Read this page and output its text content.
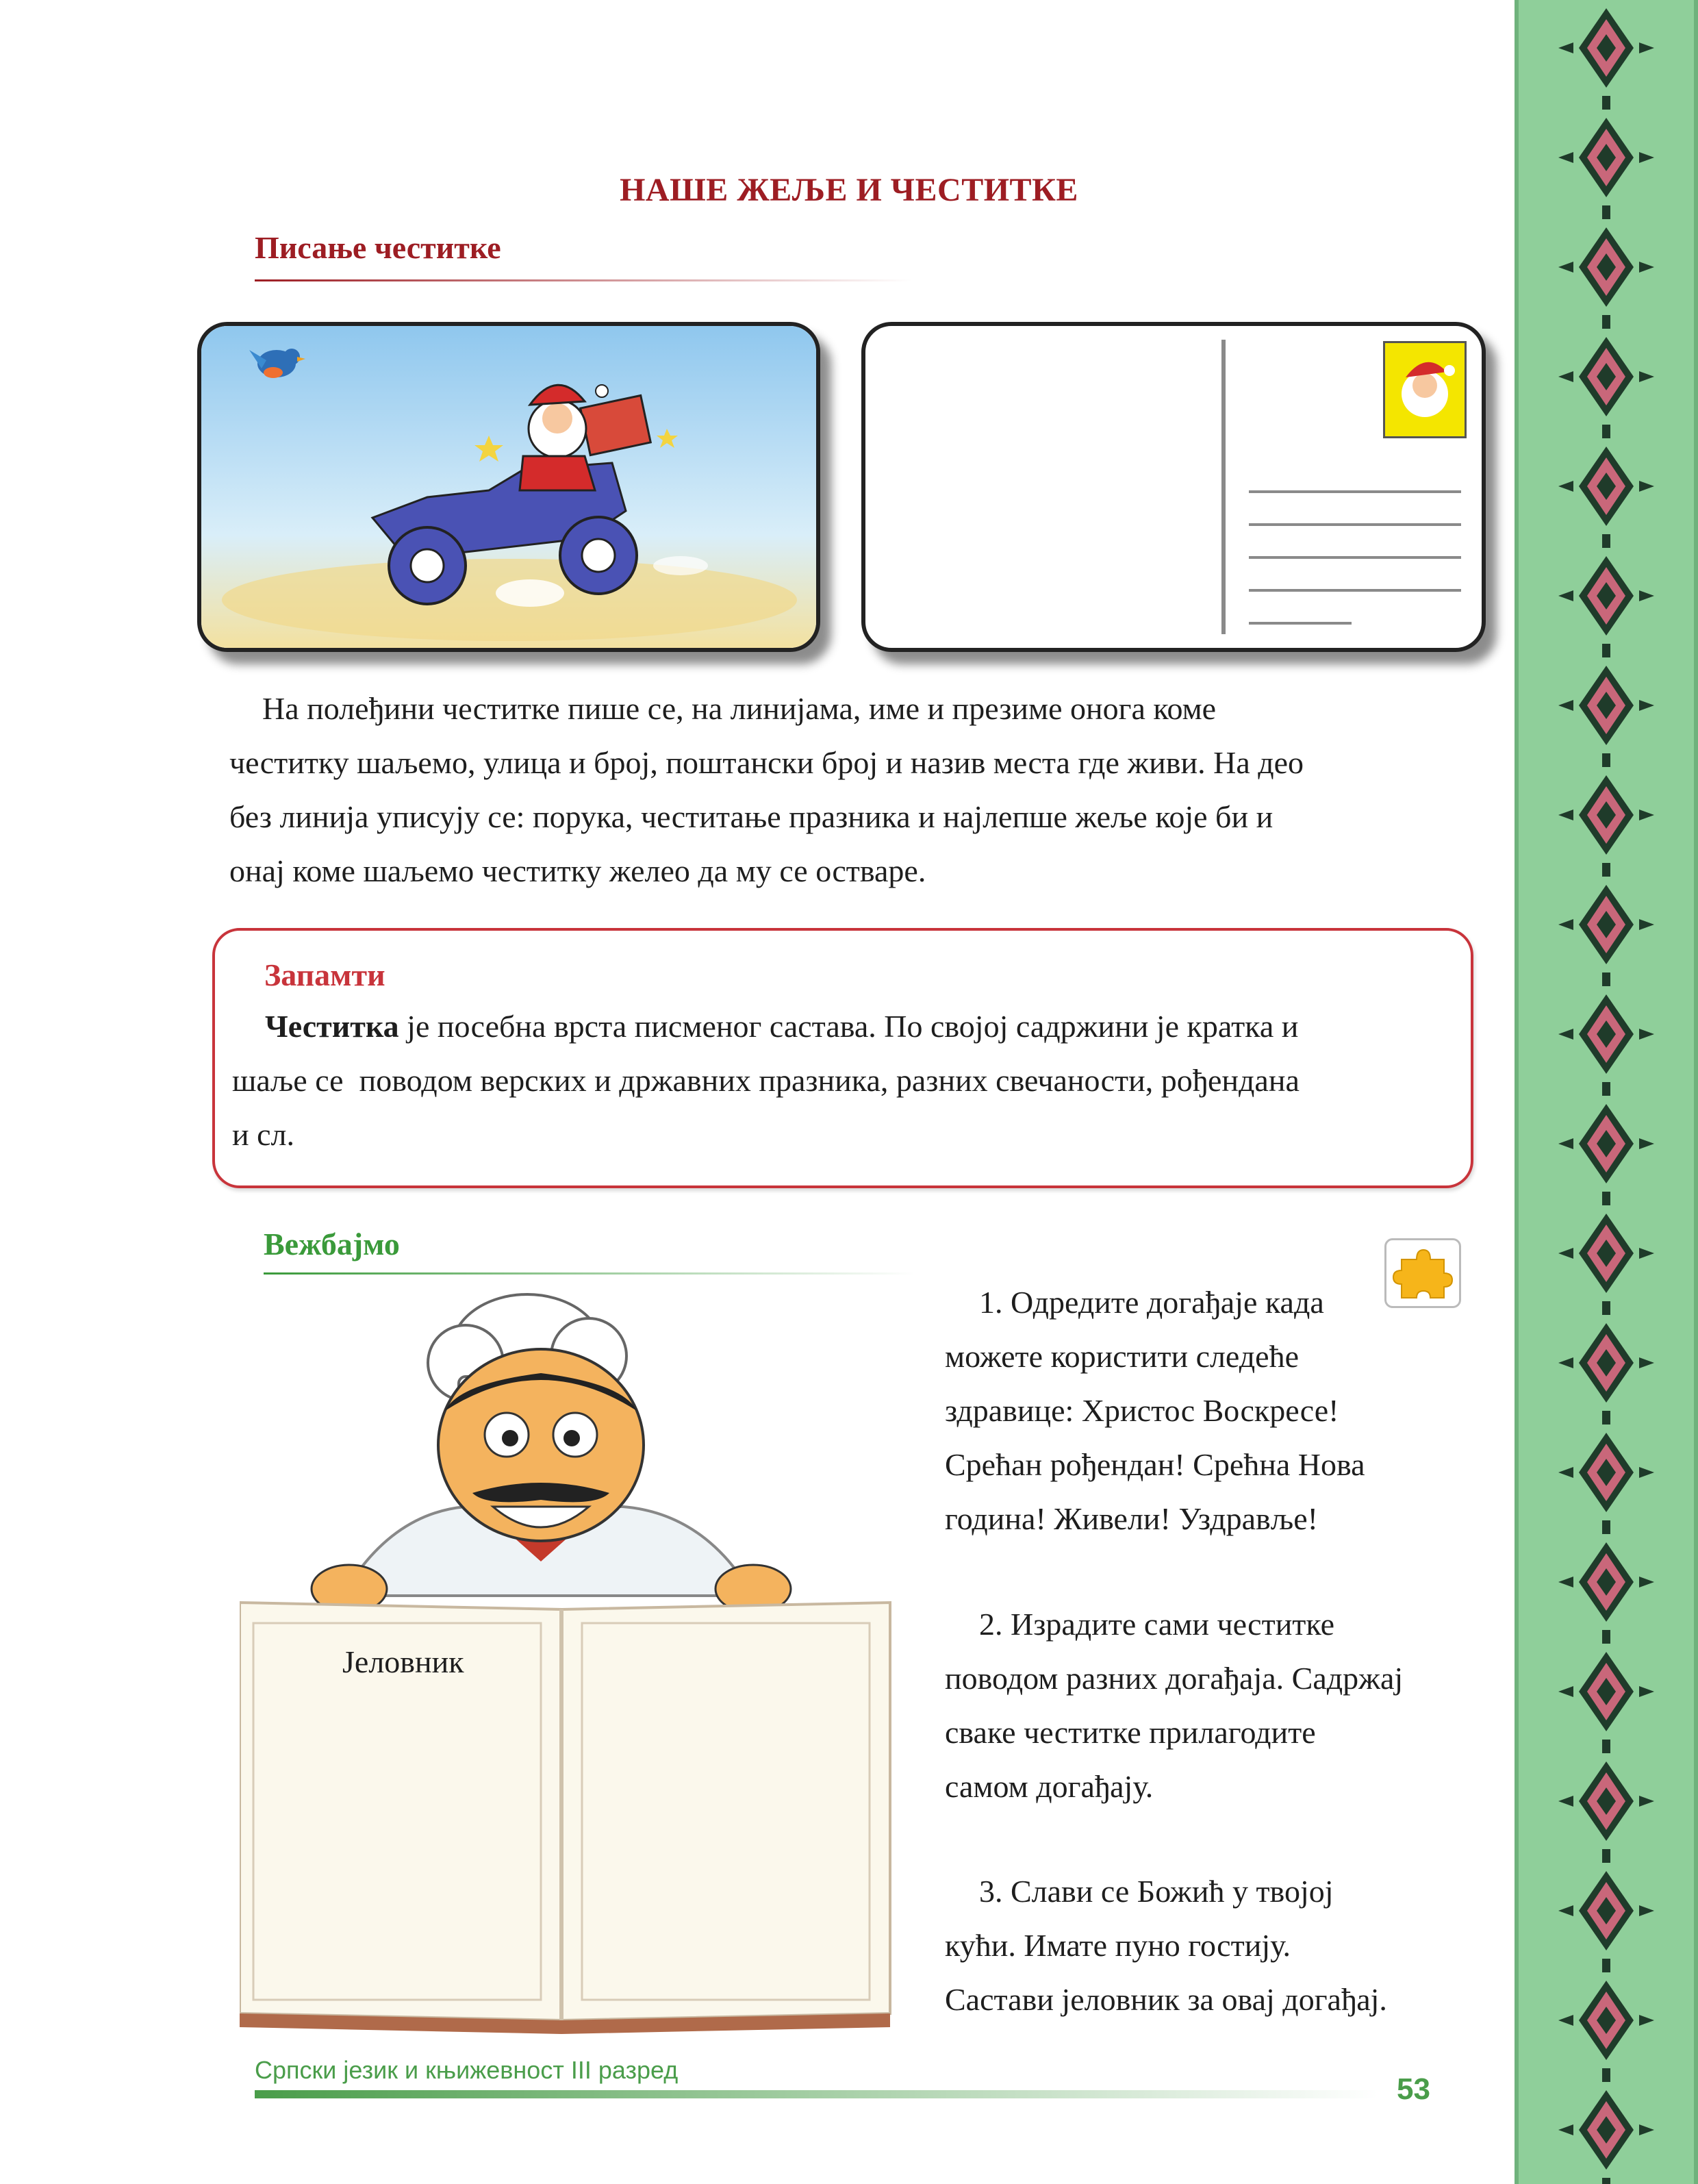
НАШЕ ЖЕЉЕ И ЧЕСТИТКЕ
Писање честитке
На полеђини честитке пише се, на линијама, име и презиме онога коме
честитку шаљемо, улица и број, поштански број и назив места где живи. На део
без линија уписују се: порука, честитање празника и најлепше жеље које би и
онај коме шаљемо честитку желео да му се остваре.
Запамти
Честитка је посебна врста писменог састава. По својој садржини је кратка и
шаље се  поводом верских и државних празника, разних свечаности, рођендана
и сл.
Вежбајмо
Јеловник
1. Одредите догађаје када
можете користити следеће
здравице: Христос Воскресе!
Срећан рођендан! Срећна Нова
година! Живели! Уздравље!
2. Израдите сами честитке
поводом разних догађаја. Садржај
сваке честитке прилагодите
самом догађају.
3. Слави се Божић у твојој
кући. Имате пуно гостију.
Састави јеловник за овај догађај.
Српски језик и књижевност III разред
53
